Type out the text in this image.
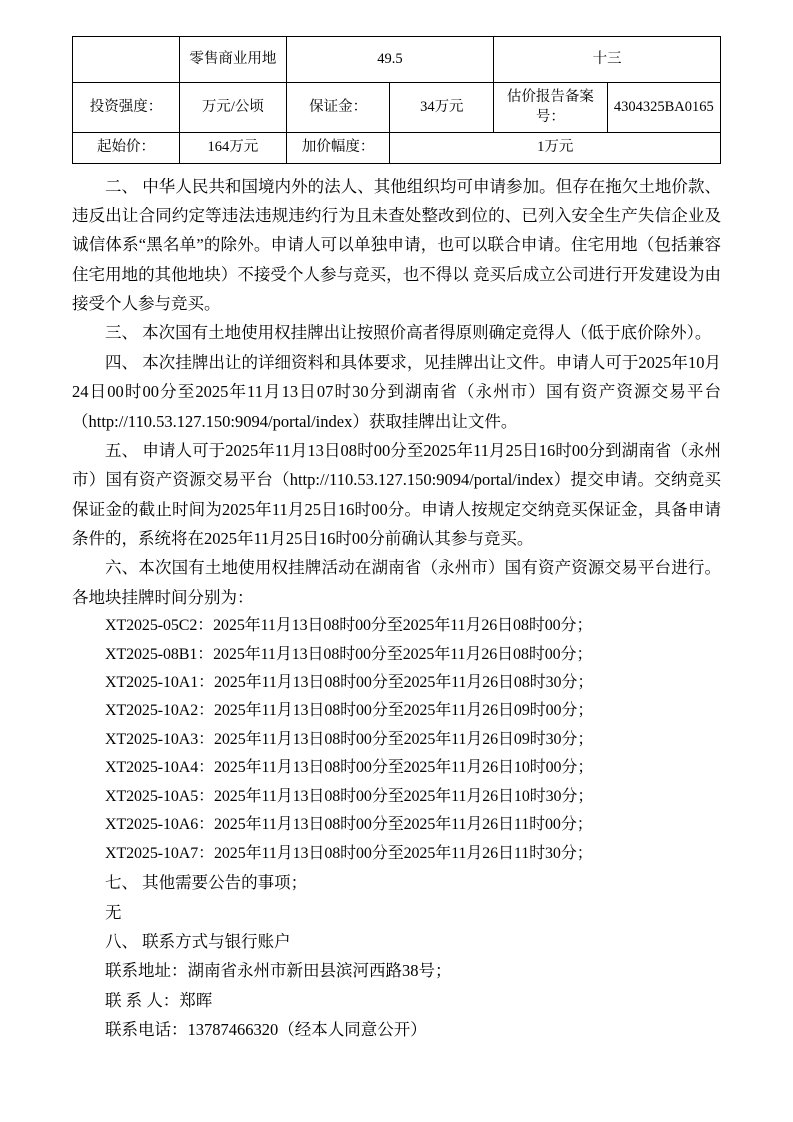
	零售商业用地	49.5		十三	
投资强度：	万元/公顷	保证金：	34万元	估价报告备案号：	4304325BA0165
起始价：	164万元	加价幅度：	1万元		

二、 中华人民共和国境内外的法人、其他组织均可申请参加。但存在拖欠土地价款、违反出让合同约定等违法违规违约行为且未查处整改到位的、已列入安全生产失信企业及诚信体系“黑名单”的除外。申请人可以单独申请，也可以联合申请。住宅用地（包括兼容住宅用地的其他地块）不接受个人参与竞买，也不得以 竞买后成立公司进行开发建设为由接受个人参与竞买。

三、 本次国有土地使用权挂牌出让按照价高者得原则确定竞得人（低于底价除外）。

四、 本次挂牌出让的详细资料和具体要求，见挂牌出让文件。申请人可于2025年10月24日00时00分至2025年11月13日07时30分到湖南省（永州市）国有资产资源交易平台（http://110.53.127.150:9094/portal/index）获取挂牌出让文件。

五、 申请人可于2025年11月13日08时00分至2025年11月25日16时00分到湖南省（永州市）国有资产资源交易平台（http://110.53.127.150:9094/portal/index）提交申请。交纳竞买保证金的截止时间为2025年11月25日16时00分。申请人按规定交纳竞买保证金，具备申请条件的，系统将在2025年11月25日16时00分前确认其参与竞买。

六、本次国有土地使用权挂牌活动在湖南省（永州市）国有资产资源交易平台进行。各地块挂牌时间分别为：

XT2025-05C2：2025年11月13日08时00分至2025年11月26日08时00分；

XT2025-08B1：2025年11月13日08时00分至2025年11月26日08时00分；

XT2025-10A1：2025年11月13日08时00分至2025年11月26日08时30分；

XT2025-10A2：2025年11月13日08时00分至2025年11月26日09时00分；

XT2025-10A3：2025年11月13日08时00分至2025年11月26日09时30分；

XT2025-10A4：2025年11月13日08时00分至2025年11月26日10时00分；

XT2025-10A5：2025年11月13日08时00分至2025年11月26日10时30分；

XT2025-10A6：2025年11月13日08时00分至2025年11月26日11时00分；

XT2025-10A7：2025年11月13日08时00分至2025年11月26日11时30分；

七、 其他需要公告的事项；

无

八、 联系方式与银行账户

联系地址：湖南省永州市新田县滨河西路38号；

联 系 人：郑晖

联系电话：13787466320（经本人同意公开）
